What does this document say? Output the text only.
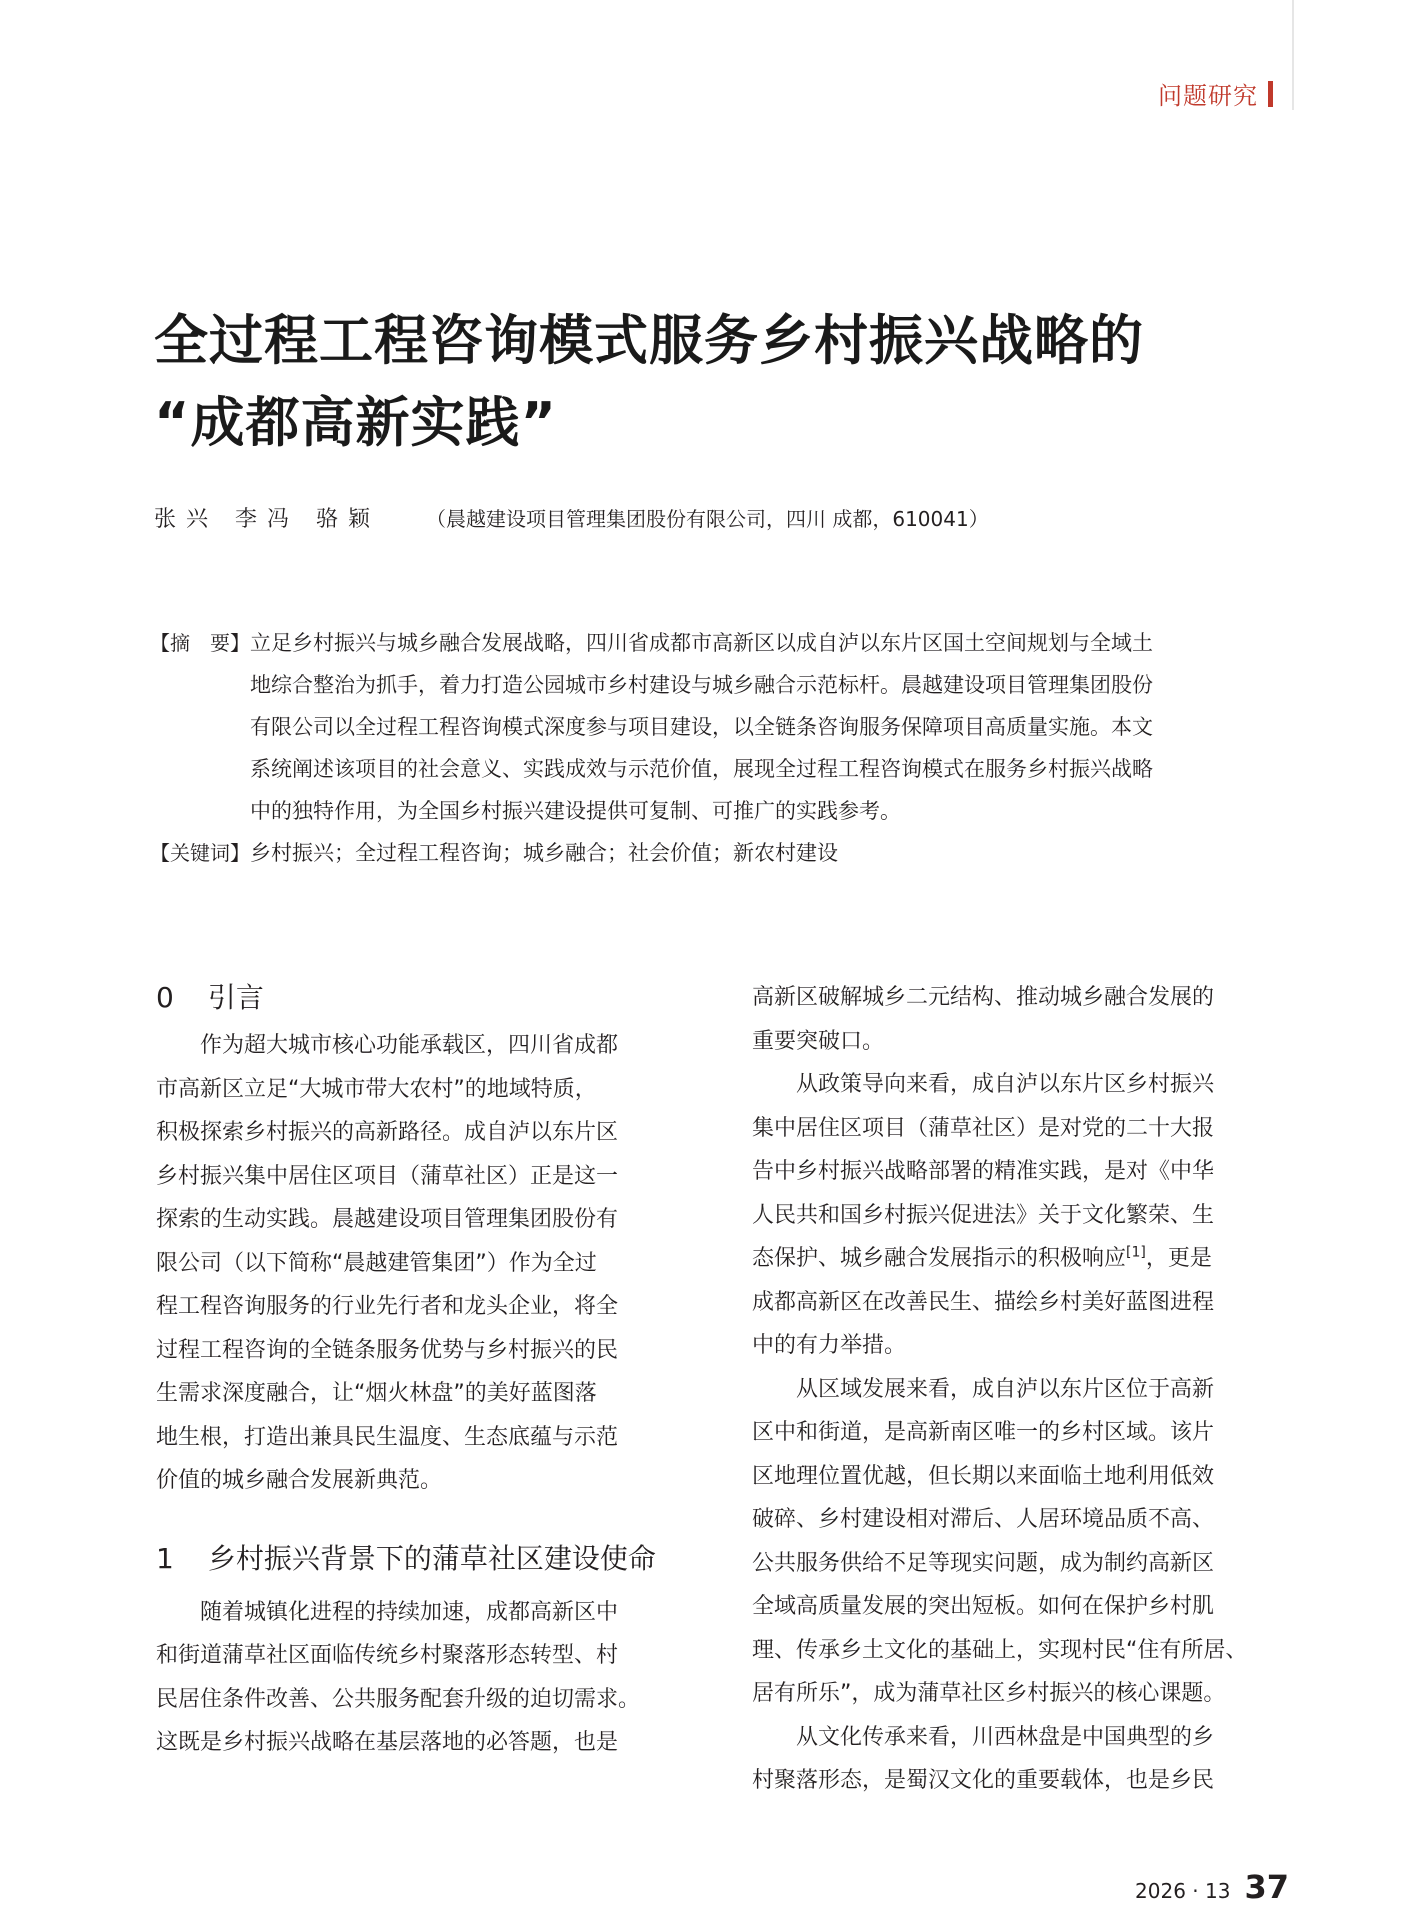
问题研究
全过程工程咨询模式服务乡村振兴战略的
“成都高新实践”
张兴 李冯 骆颖 （晨越建设项目管理集团股份有限公司，四川 成都，610041）
【摘　要】 立足乡村振兴与城乡融合发展战略，四川省成都市高新区以成自泸以东片区国土空间规划与全域土
地综合整治为抓手，着力打造公园城市乡村建设与城乡融合示范标杆。晨越建设项目管理集团股份
有限公司以全过程工程咨询模式深度参与项目建设，以全链条咨询服务保障项目高质量实施。本文
系统阐述该项目的社会意义、实践成效与示范价值，展现全过程工程咨询模式在服务乡村振兴战略
中的独特作用，为全国乡村振兴建设提供可复制、可推广的实践参考。
【关键词】 乡村振兴；全过程工程咨询；城乡融合；社会价值；新农村建设
0 引言

作为超大城市核心功能承载区，四川省成都
市高新区立足“大城市带大农村”的地域特质，
积极探索乡村振兴的高新路径。成自泸以东片区
乡村振兴集中居住区项目（蒲草社区）正是这一
探索的生动实践。晨越建设项目管理集团股份有
限公司（以下简称“晨越建管集团”）作为全过
程工程咨询服务的行业先行者和龙头企业，将全
过程工程咨询的全链条服务优势与乡村振兴的民
生需求深度融合，让“烟火林盘”的美好蓝图落
地生根，打造出兼具民生温度、生态底蕴与示范
价值的城乡融合发展新典范。

1 乡村振兴背景下的蒲草社区建设使命

随着城镇化进程的持续加速，成都高新区中
和街道蒲草社区面临传统乡村聚落形态转型、村
民居住条件改善、公共服务配套升级的迫切需求。
这既是乡村振兴战略在基层落地的必答题，也是

高新区破解城乡二元结构、推动城乡融合发展的
重要突破口。

从政策导向来看，成自泸以东片区乡村振兴
集中居住区项目（蒲草社区）是对党的二十大报
告中乡村振兴战略部署的精准实践，是对《中华
人民共和国乡村振兴促进法》关于文化繁荣、生
态保护、城乡融合发展指示的积极响应[1]，更是
成都高新区在改善民生、描绘乡村美好蓝图进程
中的有力举措。

从区域发展来看，成自泸以东片区位于高新
区中和街道，是高新南区唯一的乡村区域。该片
区地理位置优越，但长期以来面临土地利用低效
破碎、乡村建设相对滞后、人居环境品质不高、
公共服务供给不足等现实问题，成为制约高新区
全域高质量发展的突出短板。如何在保护乡村肌
理、传承乡土文化的基础上，实现村民“住有所居、
居有所乐”，成为蒲草社区乡村振兴的核心课题。

从文化传承来看，川西林盘是中国典型的乡
村聚落形态，是蜀汉文化的重要载体，也是乡民

2026 · 13 37
